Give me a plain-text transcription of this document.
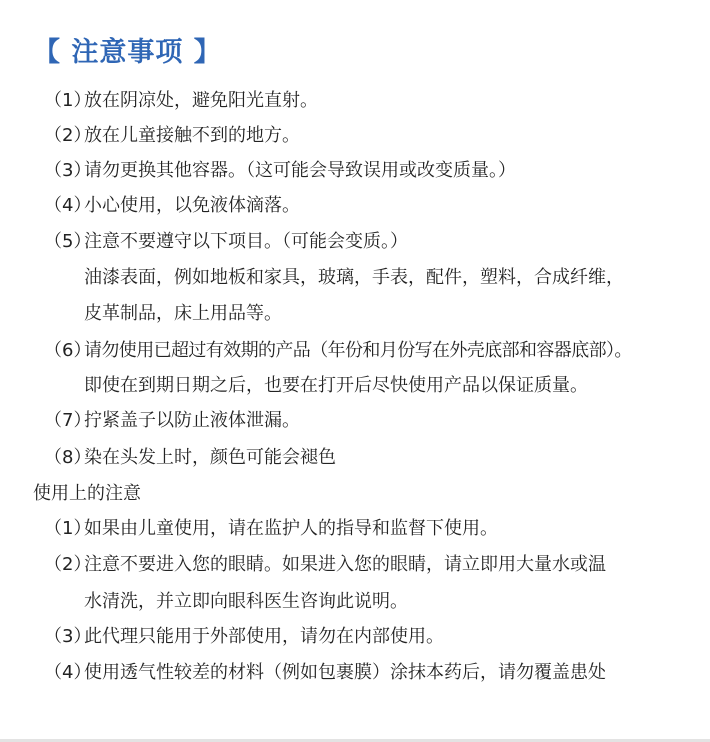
【 注意事项 】
（1）
放在阴凉处，避免阳光直射。
（2）
放在儿童接触不到的地方。
（3）
请勿更换其他容器。（这可能会导致误用或改变质量。）
（4）
小心使用，以免液体滴落。
（5）
注意不要遵守以下项目。（可能会变质。）
油漆表面，例如地板和家具，玻璃，手表，配件，塑料，合成纤维，
皮革制品，床上用品等。
（6）
请勿使用已超过有效期的产品（年份和月份写在外壳底部和容器底部）。
即使在到期日期之后，也要在打开后尽快使用产品以保证质量。
（7）
拧紧盖子以防止液体泄漏。
（8）
染在头发上时，颜色可能会褪色
使用上的注意
（1）
如果由儿童使用，请在监护人的指导和监督下使用。
（2）
注意不要进入您的眼睛。如果进入您的眼睛，请立即用大量水或温
水清洗，并立即向眼科医生咨询此说明。
（3）
此代理只能用于外部使用，请勿在内部使用。
（4）
使用透气性较差的材料（例如包裹膜）涂抹本药后，请勿覆盖患处
